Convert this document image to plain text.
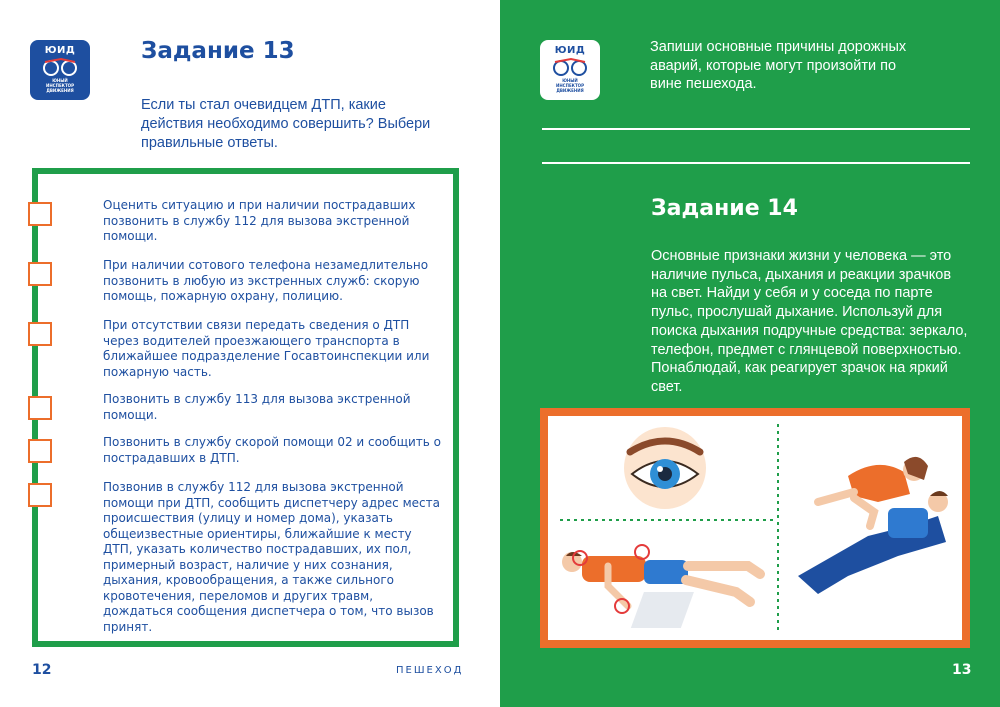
ЮИД
ЮНЫЙ
ИНСПЕКТОР
ДВИЖЕНИЯ
Задание 13
Если ты стал очевидцем ДТП, какие действия необходимо совершить? Выбери правильные ответы.
Оценить ситуацию и при наличии пострадавших позвонить в службу 112 для вызова экстренной помощи.
При наличии сотового телефона незамедлительно позвонить в любую из экстренных служб: скорую помощь, пожарную охрану, полицию.
При отсутствии связи передать сведения о ДТП через водителей проезжающего транспорта в ближайшее подразделение Госавтоинспекции или пожарную часть.
Позвонить в службу 113 для вызова экстренной помощи.
Позвонить в службу скорой помощи 02 и сообщить о пострадавших в ДТП.
Позвонив в службу 112 для вызова экстренной помощи при ДТП, сообщить диспетчеру адрес места происшествия (улицу и номер дома), указать общеизвестные ориентиры, ближайшие к месту ДТП, указать количество пострадавших, их пол, примерный возраст, наличие у них сознания, дыхания, кровообращения, а также сильного кровотечения, переломов и других травм, дождаться сообщения диспетчера о том, что вызов принят.
12	ПЕШЕХОД
ЮИД
ЮНЫЙ
ИНСПЕКТОР
ДВИЖЕНИЯ
Запиши основные причины дорожных аварий, которые могут произойти по вине пешехода.
Задание 14
Основные признаки жизни у человека — это наличие пульса, дыхания и реакции зрачков на свет. Найди у себя и у соседа по парте пульс, прослушай дыхание. Используй для поиска дыхания подручные средства: зеркало, телефон, предмет с глянцевой поверхностью. Понаблюдай, как реагирует зрачок на яркий свет.
13
